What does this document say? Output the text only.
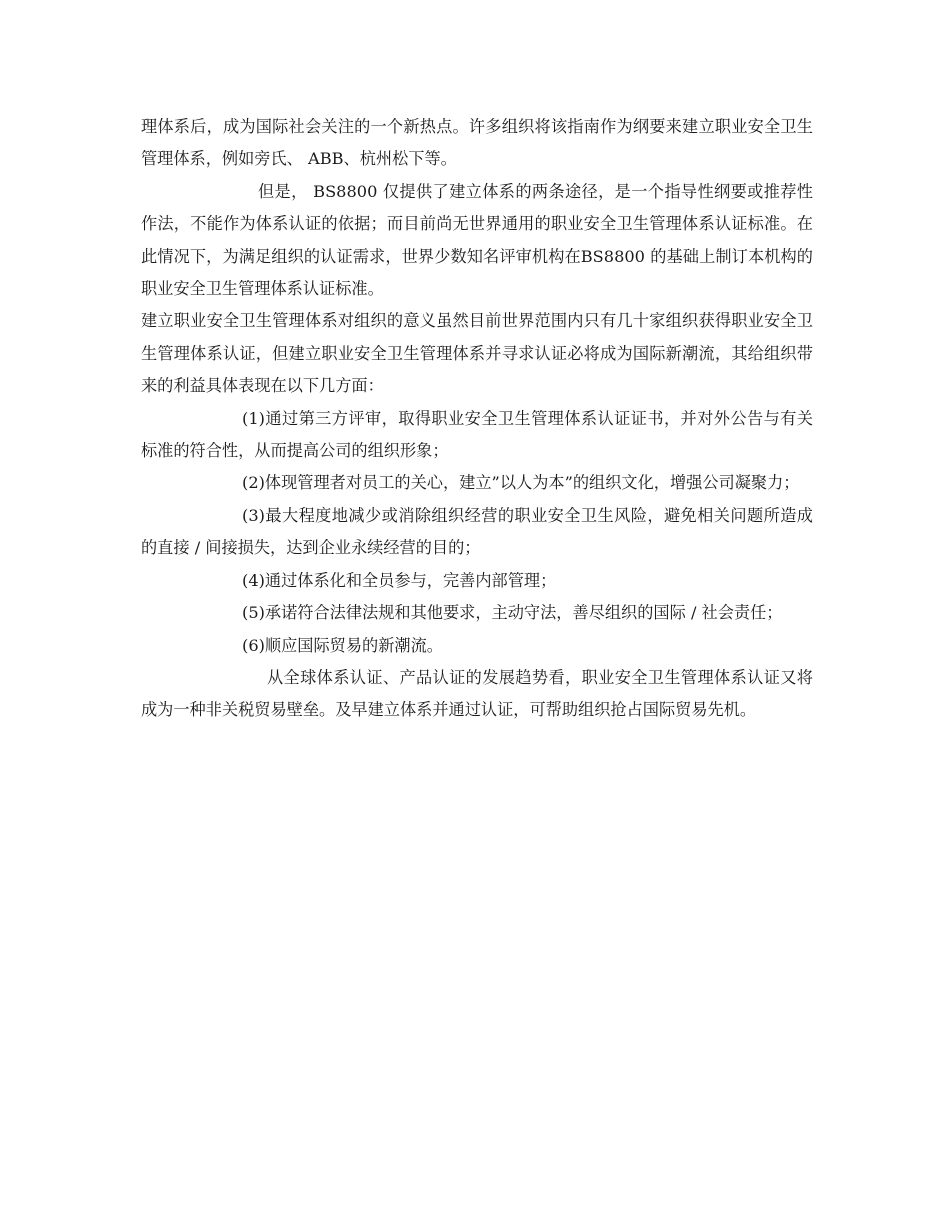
理体系后，成为国际社会关注的一个新热点。许多组织将该指南作为纲要来建立职业安全卫生管理体系，例如旁氏、 ABB、杭州松下等。

但是， BS8800 仅提供了建立体系的两条途径，是一个指导性纲要或推荐性作法，不能作为体系认证的依据；而目前尚无世界通用的职业安全卫生管理体系认证标准。在此情况下，为满足组织的认证需求，世界少数知名评审机构在BS8800 的基础上制订本机构的职业安全卫生管理体系认证标准。

建立职业安全卫生管理体系对组织的意义虽然目前世界范围内只有几十家组织获得职业安全卫生管理体系认证，但建立职业安全卫生管理体系并寻求认证必将成为国际新潮流，其给组织带来的利益具体表现在以下几方面：

(1)通过第三方评审，取得职业安全卫生管理体系认证证书，并对外公告与有关标准的符合性，从而提高公司的组织形象；

(2)体现管理者对员工的关心，建立”以人为本”的组织文化，增强公司凝聚力；

(3)最大程度地减少或消除组织经营的职业安全卫生风险，避免相关问题所造成的直接 / 间接损失，达到企业永续经营的目的；

(4)通过体系化和全员参与，完善内部管理；

(5)承诺符合法律法规和其他要求，主动守法，善尽组织的国际 / 社会责任；

(6)顺应国际贸易的新潮流。

从全球体系认证、产品认证的发展趋势看，职业安全卫生管理体系认证又将成为一种非关税贸易壁垒。及早建立体系并通过认证，可帮助组织抢占国际贸易先机。
